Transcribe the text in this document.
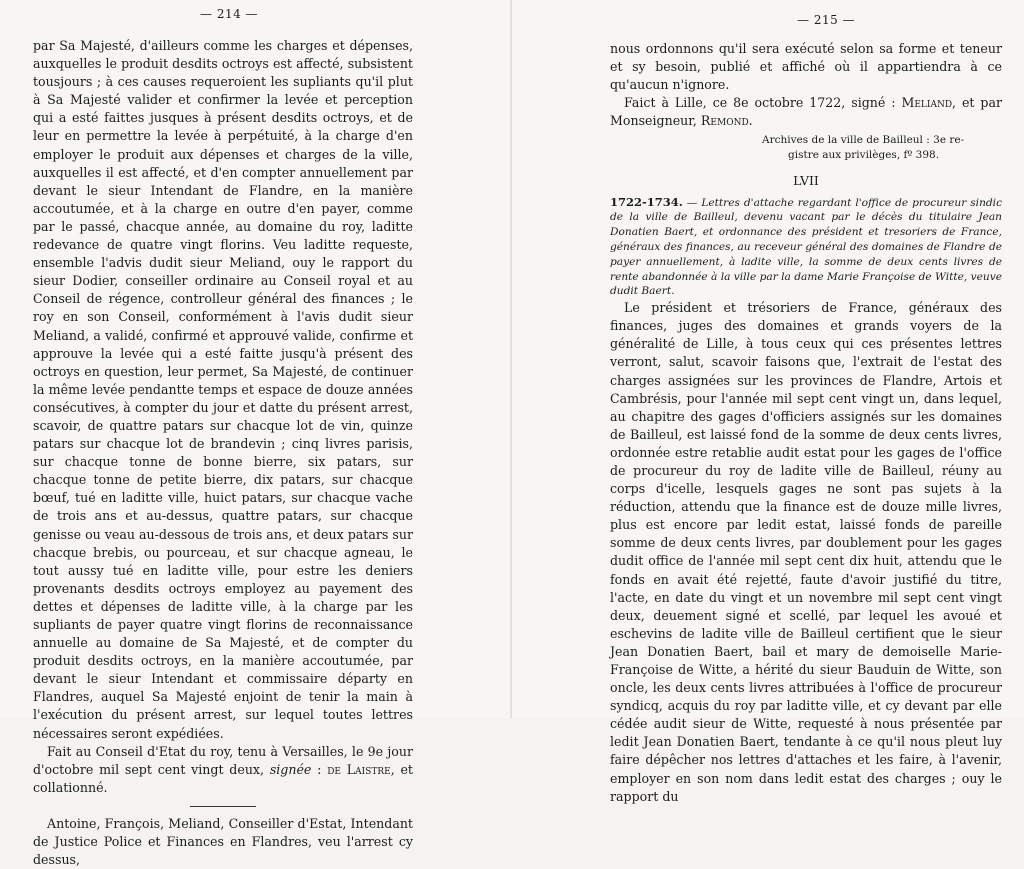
— 214 —

par Sa Majesté, d'ailleurs comme les charges et dépenses, auxquelles le produit desdits octroys est affecté, subsistent tousjours ; à ces causes requeroient les supliants qu'il plut à Sa Majesté valider et confirmer la levée et perception qui a esté faittes jusques à présent desdits octroys, et de leur en permettre la levée à perpétuité, à la charge d'en employer le produit aux dépenses et charges de la ville, auxquelles il est affecté, et d'en compter annuellement par devant le sieur Intendant de Flandre, en la manière accoutumée, et à la charge en outre d'en payer, comme par le passé, chacque année, au domaine du roy, laditte redevance de quatre vingt florins. Veu laditte requeste, ensemble l'advis dudit sieur Meliand, ouy le rapport du sieur Dodier, conseiller ordinaire au Conseil royal et au Conseil de régence, controlleur général des finances ; le roy en son Conseil, conformément à l'avis dudit sieur Meliand, a validé, confirmé et approuvé valide, confirme et approuve la levée qui a esté faitte jusqu'à présent des octroys en question, leur permet, Sa Majesté, de continuer la même levée pendantte temps et espace de douze années consécutives, à compter du jour et datte du présent arrest, scavoir, de quattre patars sur chacque lot de vin, quinze patars sur chacque lot de brandevin ; cinq livres parisis, sur chacque tonne de bonne bierre, six patars, sur chacque tonne de petite bierre, dix patars, sur chacque bœuf, tué en laditte ville, huict patars, sur chacque vache de trois ans et au-dessus, quattre patars, sur chacque genisse ou veau au-dessous de trois ans, et deux patars sur chacque brebis, ou pourceau, et sur chacque agneau, le tout aussy tué en laditte ville, pour estre les deniers provenants desdits octroys employez au payement des dettes et dépenses de laditte ville, à la charge par les supliants de payer quatre vingt florins de reconnaissance annuelle au domaine de Sa Majesté, et de compter du produit desdits octroys, en la manière accoutumée, par devant le sieur Intendant et commissaire départy en Flandres, auquel Sa Majesté enjoint de tenir la main à l'exécution du présent arrest, sur lequel toutes lettres nécessaires seront expédiées.

Fait au Conseil d'Etat du roy, tenu à Versailles, le 9e jour d'octobre mil sept cent vingt deux, signée : de Laistre, et collationné.

Antoine, François, Meliand, Conseiller d'Estat, Intendant de Justice Police et Finances en Flandres, veu l'arrest cy dessus,

— 215 —

nous ordonnons qu'il sera exécuté selon sa forme et teneur et sy besoin, publié et affiché où il appartiendra à ce qu'aucun n'ignore.

Faict à Lille, ce 8e octobre 1722, signé : Meliand, et par Monseigneur, Remond.

Archives de la ville de Bailleul : 3e re-
gistre aux privilèges, fº 398.
LVII
1722-1734. — Lettres d'attache regardant l'office de procureur sindic de la ville de Bailleul, devenu vacant par le décès du titulaire Jean Donatien Baert, et ordonnance des président et tresoriers de France, généraux des finances, au receveur général des domaines de Flandre de payer annuellement, à ladite ville, la somme de deux cents livres de rente abandonnée à la ville par la dame Marie Françoise de Witte, veuve dudit Baert.

Le président et trésoriers de France, généraux des finances, juges des domaines et grands voyers de la généralité de Lille, à tous ceux qui ces présentes lettres verront, salut, scavoir faisons que, l'extrait de l'estat des charges assignées sur les provinces de Flandre, Artois et Cambrésis, pour l'année mil sept cent vingt un, dans lequel, au chapitre des gages d'officiers assignés sur les domaines de Bailleul, est laissé fond de la somme de deux cents livres, ordonnée estre retablie audit estat pour les gages de l'office de procureur du roy de ladite ville de Bailleul, réuny au corps d'icelle, lesquels gages ne sont pas sujets à la réduction, attendu que la finance est de douze mille livres, plus est encore par ledit estat, laissé fonds de pareille somme de deux cents livres, par doublement pour les gages dudit office de l'année mil sept cent dix huit, attendu que le fonds en avait été rejetté, faute d'avoir justifié du titre, l'acte, en date du vingt et un novembre mil sept cent vingt deux, deuement signé et scellé, par lequel les avoué et eschevins de ladite ville de Bailleul certifient que le sieur Jean Donatien Baert, bail et mary de demoiselle Marie-Françoise de Witte, a hérité du sieur Bauduin de Witte, son oncle, les deux cents livres attribuées à l'office de procureur syndicq, acquis du roy par laditte ville, et cy devant par elle cédée audit sieur de Witte, requesté à nous présentée par ledit Jean Donatien Baert, tendante à ce qu'il nous pleut luy faire dépêcher nos lettres d'attaches et les faire, à l'avenir, employer en son nom dans ledit estat des charges ; ouy le rapport du
